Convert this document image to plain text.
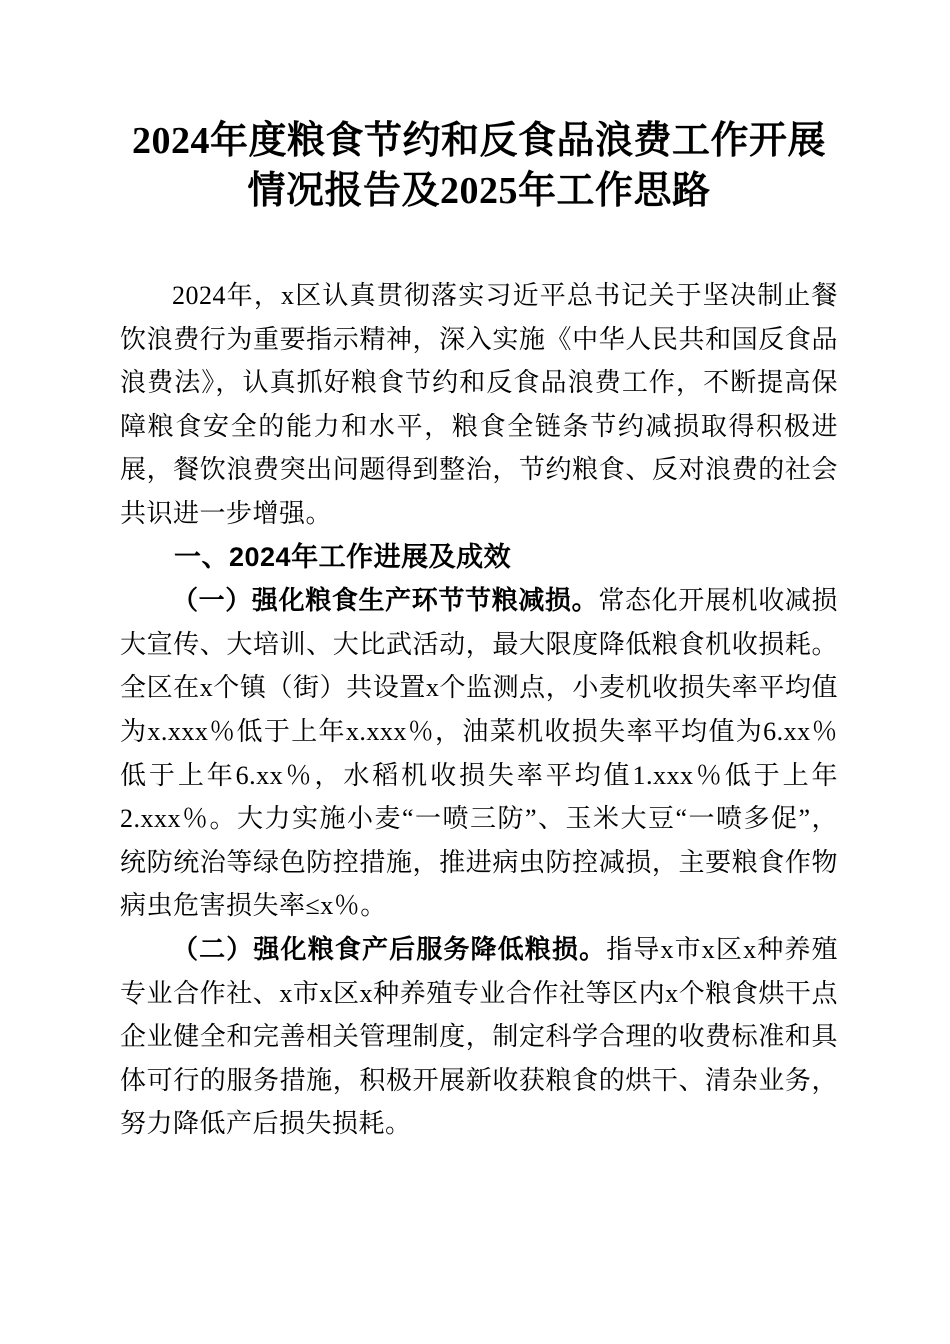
2024年度粮食节约和反食品浪费工作开展情况报告及2025年工作思路

2024年，x区认真贯彻落实习近平总书记关于坚决制止餐饮浪费行为重要指示精神，深入实施《中华人民共和国反食品浪费法》，认真抓好粮食节约和反食品浪费工作，不断提高保障粮食安全的能力和水平，粮食全链条节约减损取得积极进展，餐饮浪费突出问题得到整治，节约粮食、反对浪费的社会共识进一步增强。

一、2024年工作进展及成效

（一）强化粮食生产环节节粮减损。常态化开展机收减损大宣传、大培训、大比武活动，最大限度降低粮食机收损耗。全区在x个镇（街）共设置x个监测点，小麦机收损失率平均值为x.xxx％低于上年x.xxx％，油菜机收损失率平均值为6.xx％低于上年6.xx％，水稻机收损失率平均值1.xxx％低于上年2.xxx％。大力实施小麦“一喷三防”、玉米大豆“一喷多促”，统防统治等绿色防控措施，推进病虫防控减损，主要粮食作物病虫危害损失率≤x％。

（二）强化粮食产后服务降低粮损。指导x市x区x种养殖专业合作社、x市x区x种养殖专业合作社等区内x个粮食烘干点企业健全和完善相关管理制度，制定科学合理的收费标准和具体可行的服务措施，积极开展新收获粮食的烘干、清杂业务，努力降低产后损失损耗。
